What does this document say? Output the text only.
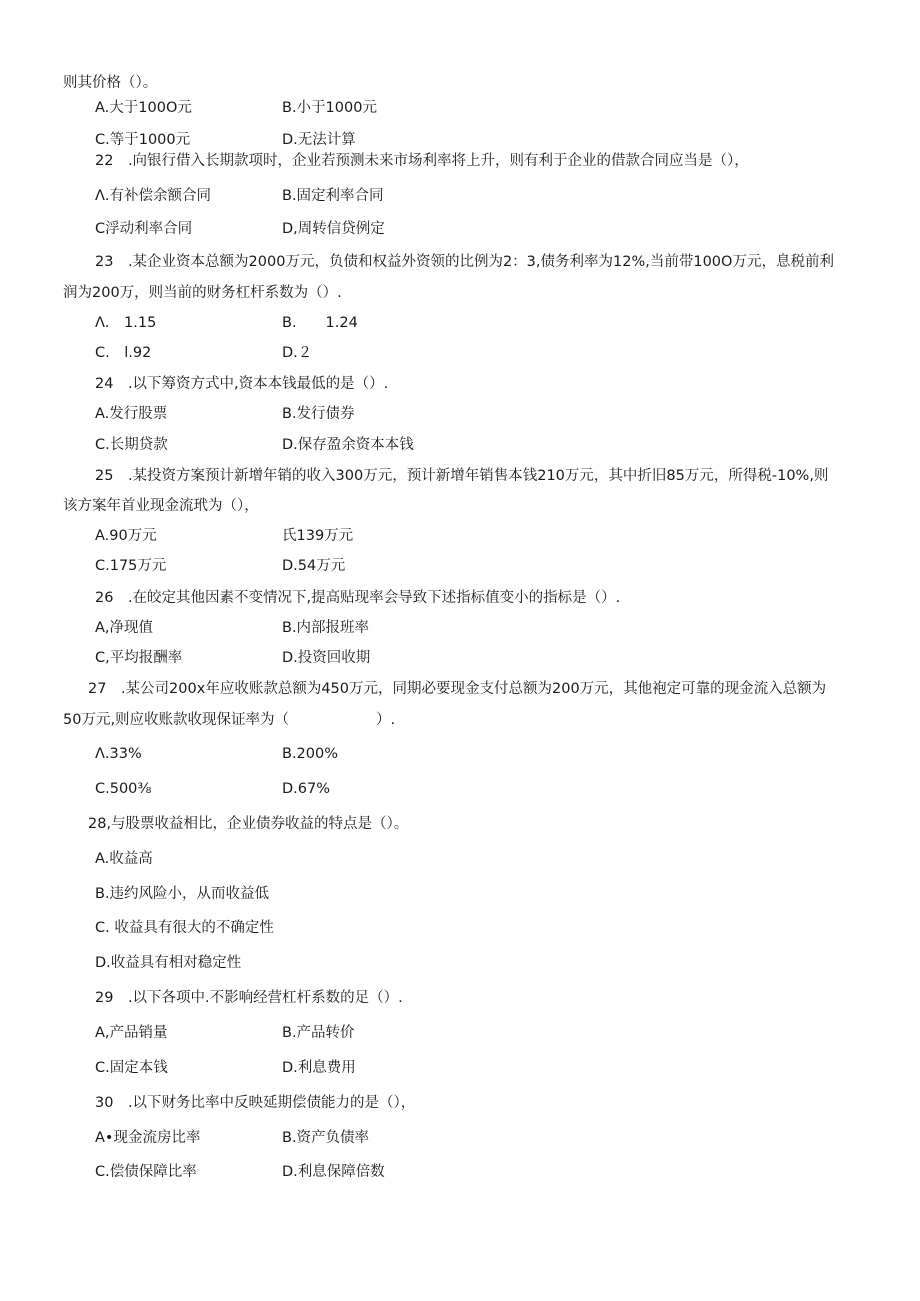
则其价格（）。
A.大于100O元	B.小于1000元
C.等于1000元	D.无法计算
22　.向银行借入长期款项时，企业若预测未来市场利率将上升，则有利于企业的借款合同应当是（），
Λ.有补偿余额合同	B.固定利率合同
C浮动利率合同	D,周转信贷例定
23　.某企业资本总额为2000万元，负债和权益外资领的比例为2：3,债务利率为12%,当前带100O万元，息税前利
润为200万，则当前的财务杠杆系数为（）.
Λ.　1.15	B.　　1.24
C.　l.92	D.２
24　.以下筹资方式中,资本本钱最低的是（）.
A.发行股票	B.发行债券
C.长期贷款	D.保存盈余资本本钱
25　.某投资方案预计新增年销的收入300万元，预计新增年销售本钱210万元，其中折旧85万元，所得税-10%,则
该方案年首业现金流玳为（），
A.90万元	氏139万元
C.175万元	D.54万元
26　.在皎定其他因素不变情况下,提高贴现率会导致下述指标值变小的指标是（）.
A,净现值	B.内部报班率
C,平均报酬率	D.投资回收期
27　.某公司200x年应收账款总额为450万元，同期必要现金支付总额为200万元，其他袍定可靠的现金流入总额为
50万元,则应收账款收现保证率为（　　　　　　）.
Λ.33%	B.200%
C.500⅜	D.67%
28,与股票收益相比，企业债券收益的特点是（）。
A.收益高
B.违约风险小，从而收益低
C. 收益具有很大的不确定性
D.收益具有相对稳定性
29　.以下各项中.不影响经营杠杆系数的足（）.
A,产品销量	B.产品转价
C.固定本钱	D.利息费用
30　.以下财务比率中反映延期偿债能力的是（），
A•现金流房比率	B.资产负债率
C.偿债保障比率	D.利息保障倍数
